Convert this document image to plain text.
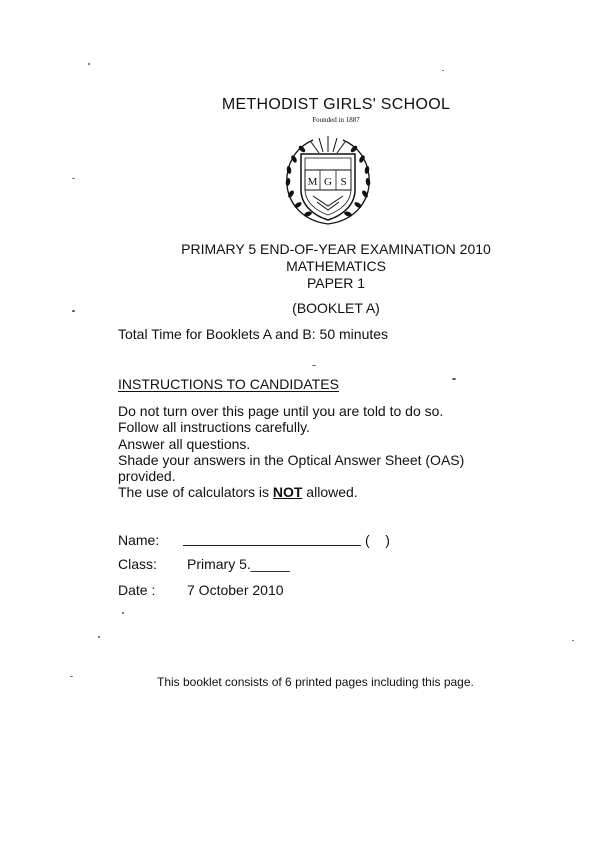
METHODIST GIRLS' SCHOOL
Founded in 1887
M G S
PRIMARY 5 END-OF-YEAR EXAMINATION 2010
MATHEMATICS
PAPER 1
(BOOKLET A)
Total Time for Booklets A and B: 50 minutes
INSTRUCTIONS TO CANDIDATES
Do not turn over this page until you are told to do so.
Follow all instructions carefully.
Answer all questions.
Shade your answers in the Optical Answer Sheet (OAS)
provided.
The use of calculators is NOT allowed.
Name:	(    )
Class: Primary 5._____
Date : 7 October 2010
This booklet consists of 6 printed pages including this page.
